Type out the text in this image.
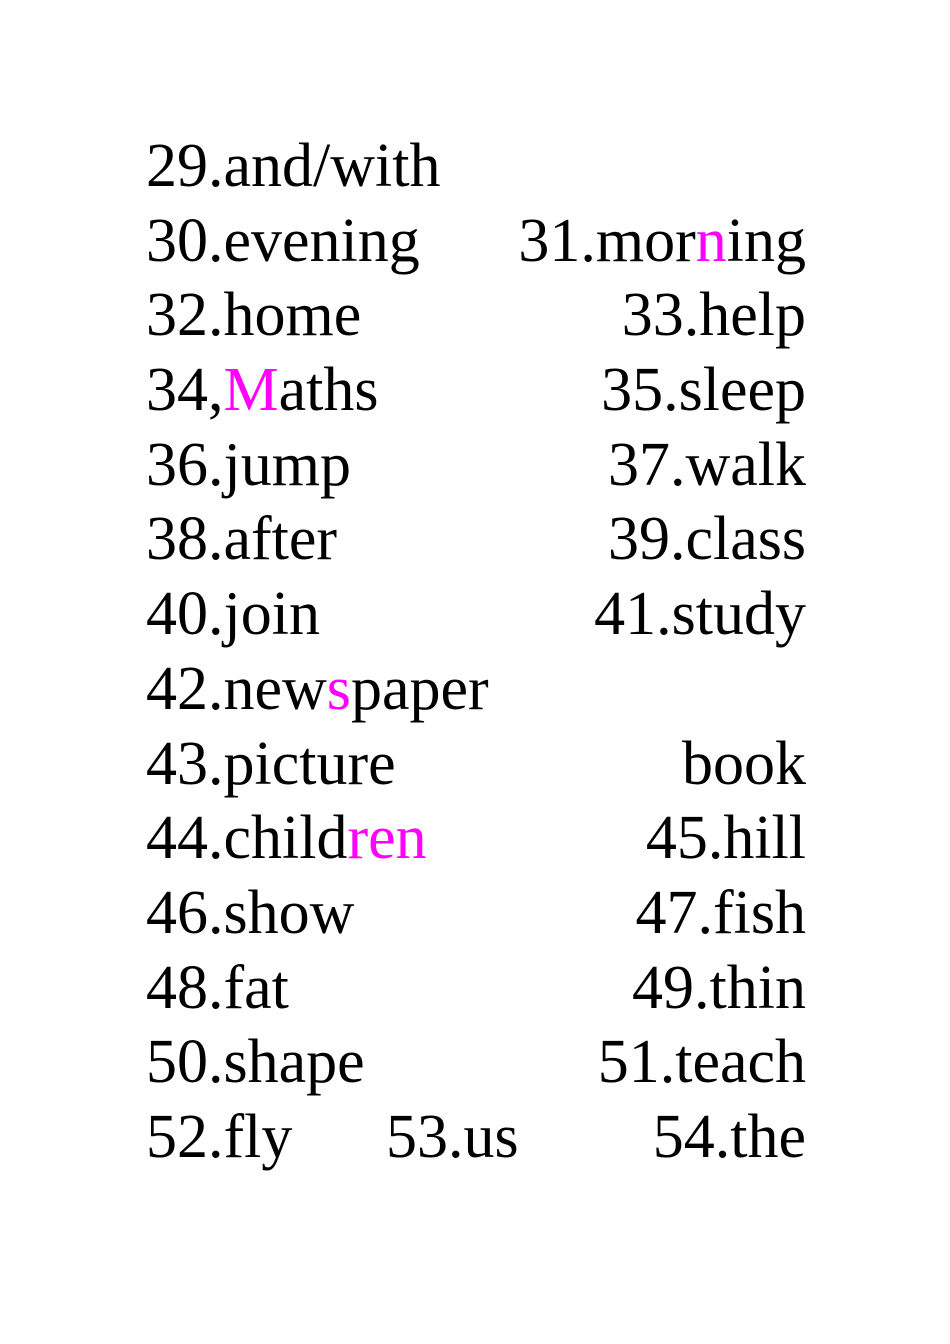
29.and/with
30.evening 31.morning
32.home	33.help
34,Maths	35.sleep
36.jump	37.walk
38.after	39.class
40.join	41.study
42.newspaper
43.picture	book
44.children	45.hill
46.show	47.fish
48.fat	49.thin
50.shape	51.teach
52.fly 53.us 54.the
